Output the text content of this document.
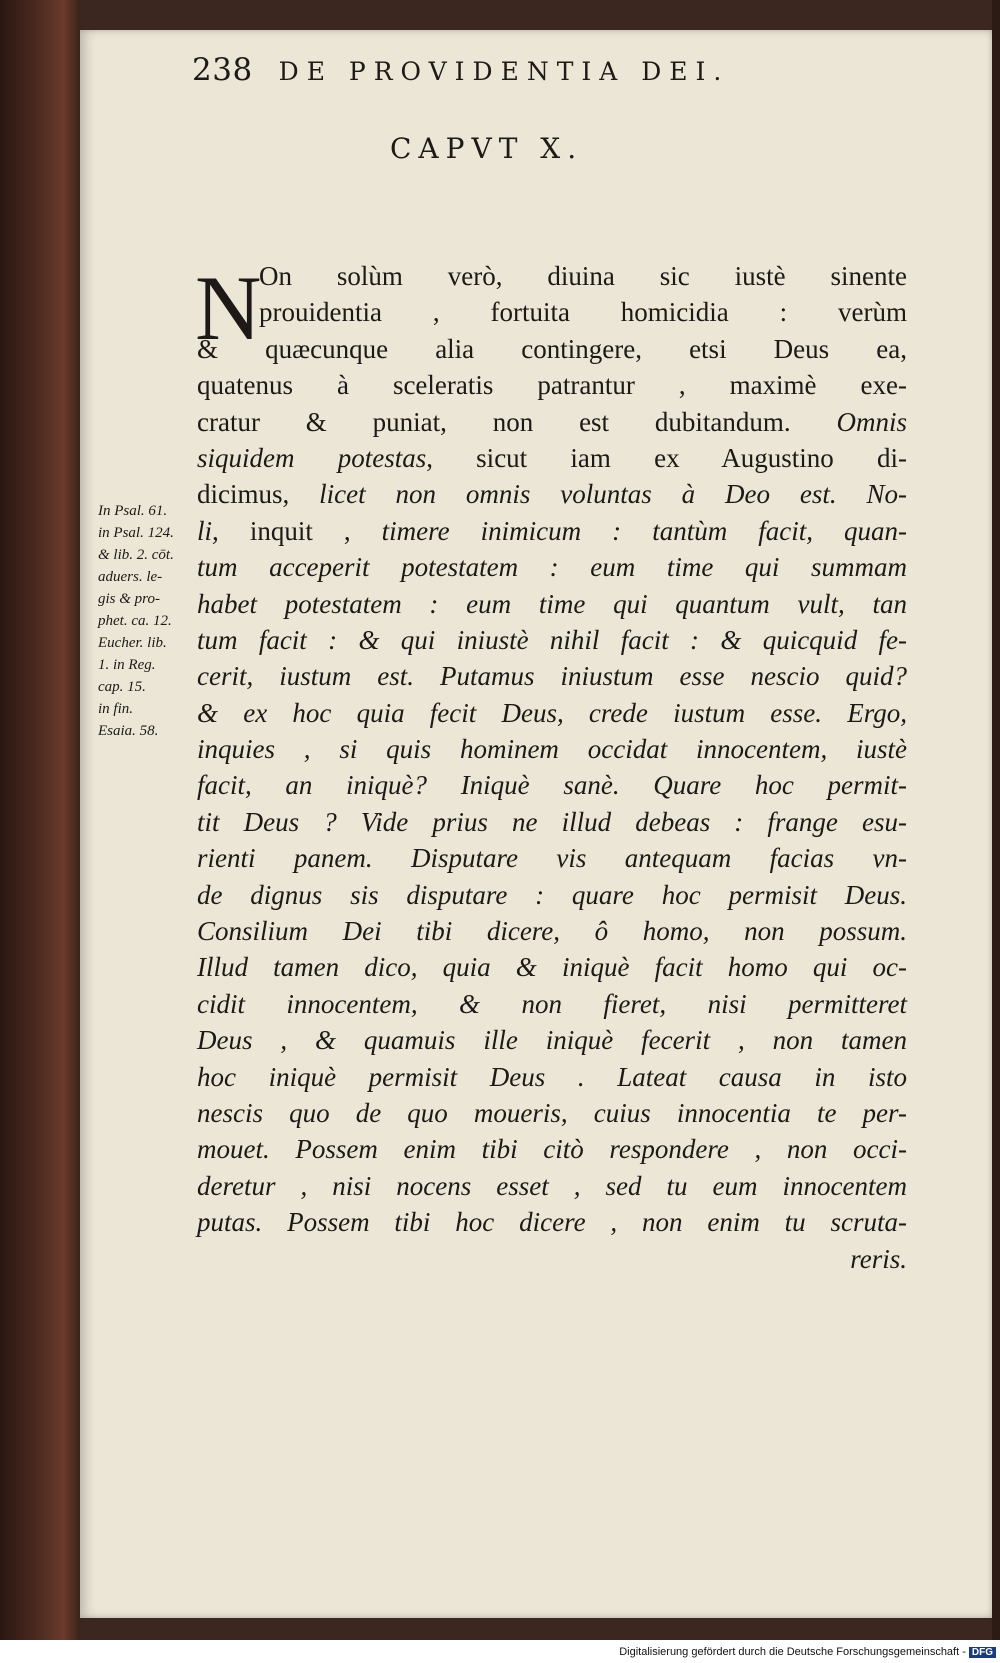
238 DE PROVIDENTIA DEI.
CAPVT X.
N
On solùm verò, diuina sic iustè sinente
prouidentia , fortuita homicidia : verùm
& quæcunque alia contingere, etsi Deus ea,
quatenus à sceleratis patrantur , maximè exe-
cratur & puniat, non est dubitandum. Omnis
siquidem potestas, sicut iam ex Augustino di-
dicimus, licet non omnis voluntas à Deo est. No-
li, inquit , timere inimicum : tantùm facit, quan-
tum acceperit potestatem : eum time qui summam
habet potestatem : eum time qui quantum vult, tan
tum facit : & qui iniustè nihil facit : & quicquid fe-
cerit, iustum est. Putamus iniustum esse nescio quid?
& ex hoc quia fecit Deus, crede iustum esse. Ergo,
inquies , si quis hominem occidat innocentem, iustè
facit, an iniquè? Iniquè sanè. Quare hoc permit-
tit Deus ? Vide prius ne illud debeas : frange esu-
rienti panem. Disputare vis antequam facias vn-
de dignus sis disputare : quare hoc permisit Deus.
Consilium Dei tibi dicere, ô homo, non possum.
Illud tamen dico, quia & iniquè facit homo qui oc-
cidit innocentem, & non fieret, nisi permitteret
Deus , & quamuis ille iniquè fecerit , non tamen
hoc iniquè permisit Deus . Lateat causa in isto
nescis quo de quo moueris, cuius innocentia te per-
mouet. Possem enim tibi citò respondere , non occi-
deretur , nisi nocens esset , sed tu eum innocentem
putas. Possem tibi hoc dicere , non enim tu scruta-
reris.
In Psal. 61.
in Psal. 124.
& lib. 2. cōt.
aduers. le-
gis & pro-
phet. ca. 12.
Eucher. lib.
1. in Reg.
cap. 15.
in fin.
Esaia. 58.
Digitalisierung gefördert durch die Deutsche Forschungsgemeinschaft - DFG
